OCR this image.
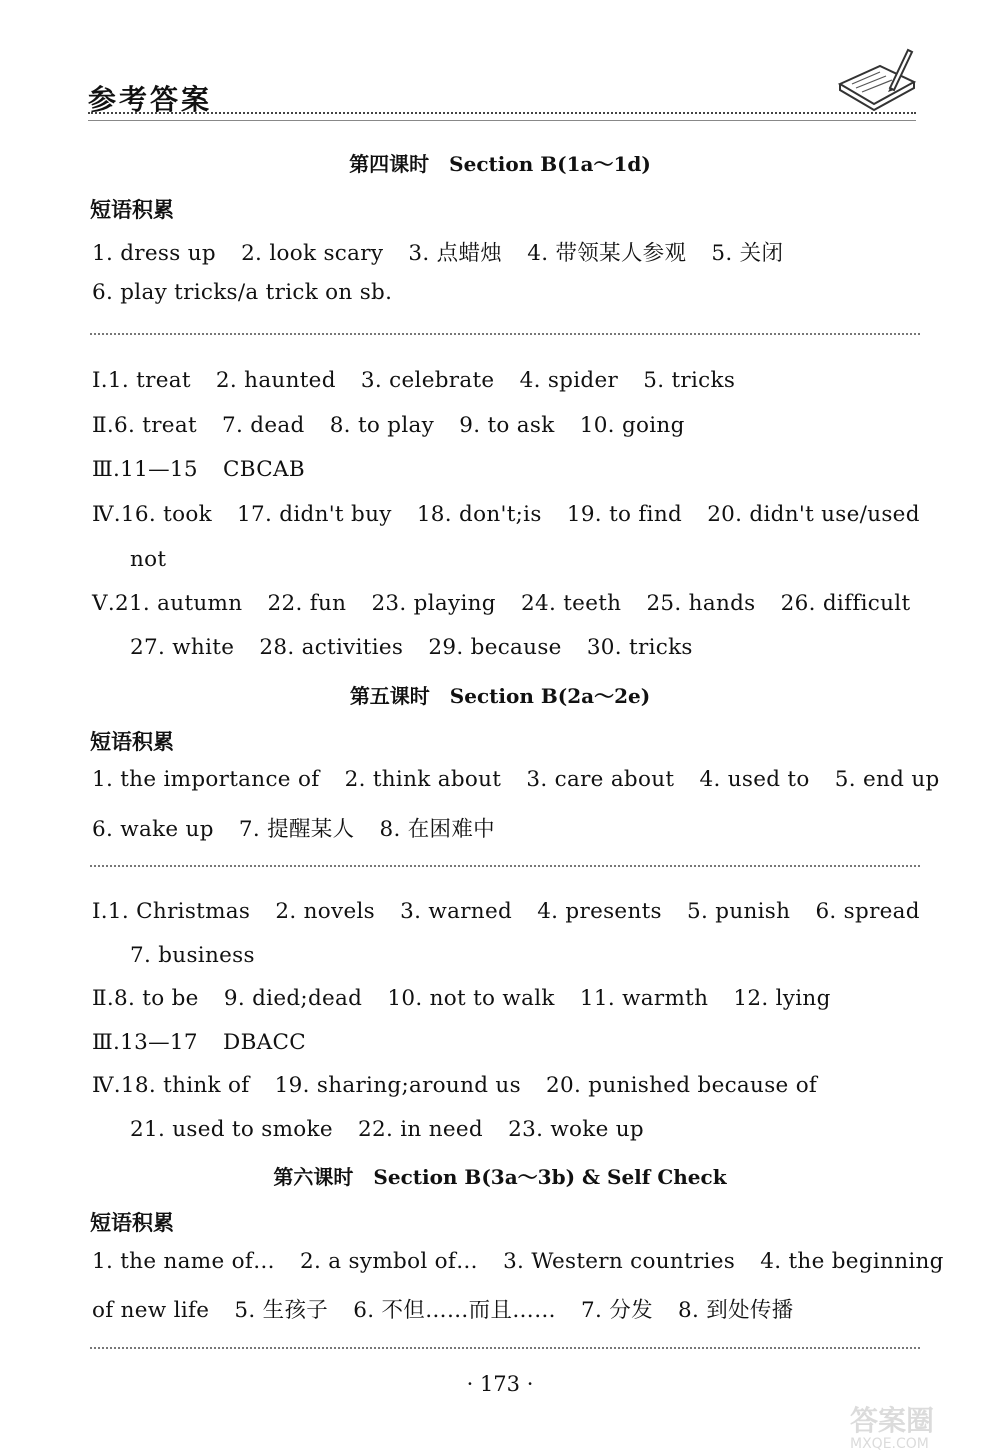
参考答案
第四课时　Section B(1a～1d)
短语积累
1. dress up 2. look scary 3. 点蜡烛 4. 带领某人参观 5. 关闭
6. play tricks/a trick on sb.
Ⅰ.1. treat 2. haunted 3. celebrate 4. spider 5. tricks
Ⅱ.6. treat 7. dead 8. to play 9. to ask 10. going
Ⅲ.11—15 CBCAB
Ⅳ.16. took 17. didn't buy 18. don't;is 19. to find 20. didn't use/used
not
Ⅴ.21. autumn 22. fun 23. playing 24. teeth 25. hands 26. difficult
27. white 28. activities 29. because 30. tricks
第五课时　Section B(2a～2e)
短语积累
1. the importance of 2. think about 3. care about 4. used to 5. end up
6. wake up 7. 提醒某人 8. 在困难中
Ⅰ.1. Christmas 2. novels 3. warned 4. presents 5. punish 6. spread
7. business
Ⅱ.8. to be 9. died;dead 10. not to walk 11. warmth 12. lying
Ⅲ.13—17 DBACC
Ⅳ.18. think of 19. sharing;around us 20. punished because of
21. used to smoke 22. in need 23. woke up
第六课时　Section B(3a～3b) & Self Check
短语积累
1. the name of… 2. a symbol of… 3. Western countries 4. the beginning
of new life 5. 生孩子 6. 不但……而且…… 7. 分发 8. 到处传播
· 173 ·
答案圈
MXQE.COM
